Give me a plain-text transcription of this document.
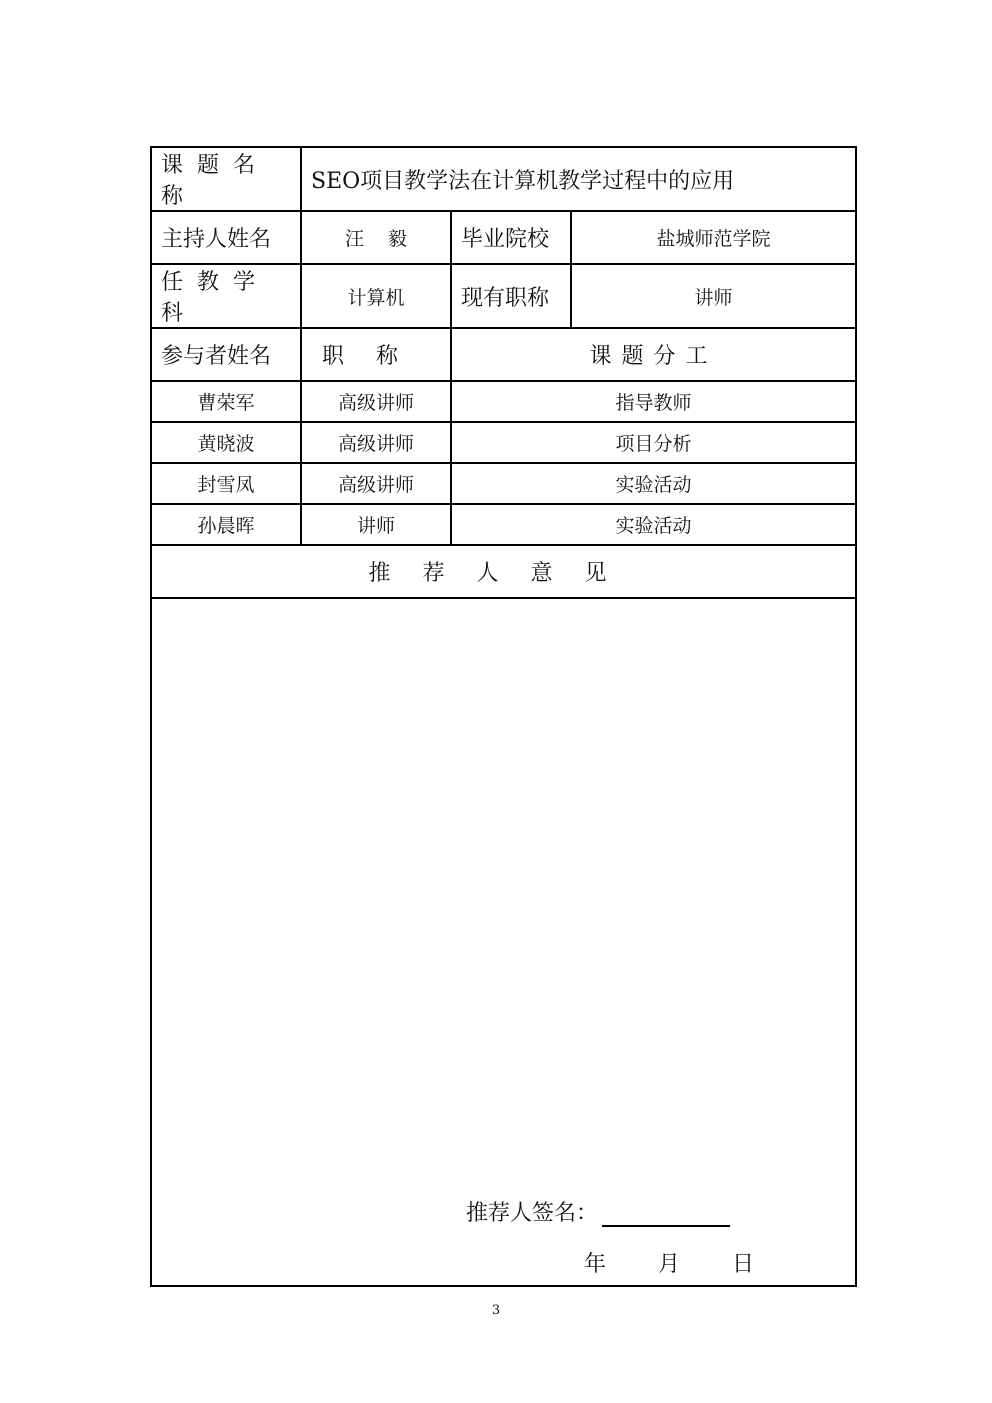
课题名称	SEO项目教学法在计算机教学过程中的应用		
主持人姓名	汪 毅	毕业院校	盐城师范学院
任教学科	计算机	现有职称	讲师
参与者姓名	职称	课题分工	
曹荣军	高级讲师	指导教师	
黄晓波	高级讲师	项目分析	
封雪凤	高级讲师	实验活动	
孙晨晖	讲师	实验活动	
推荐人意见			

推荐人签名：
年 月 日			
3
